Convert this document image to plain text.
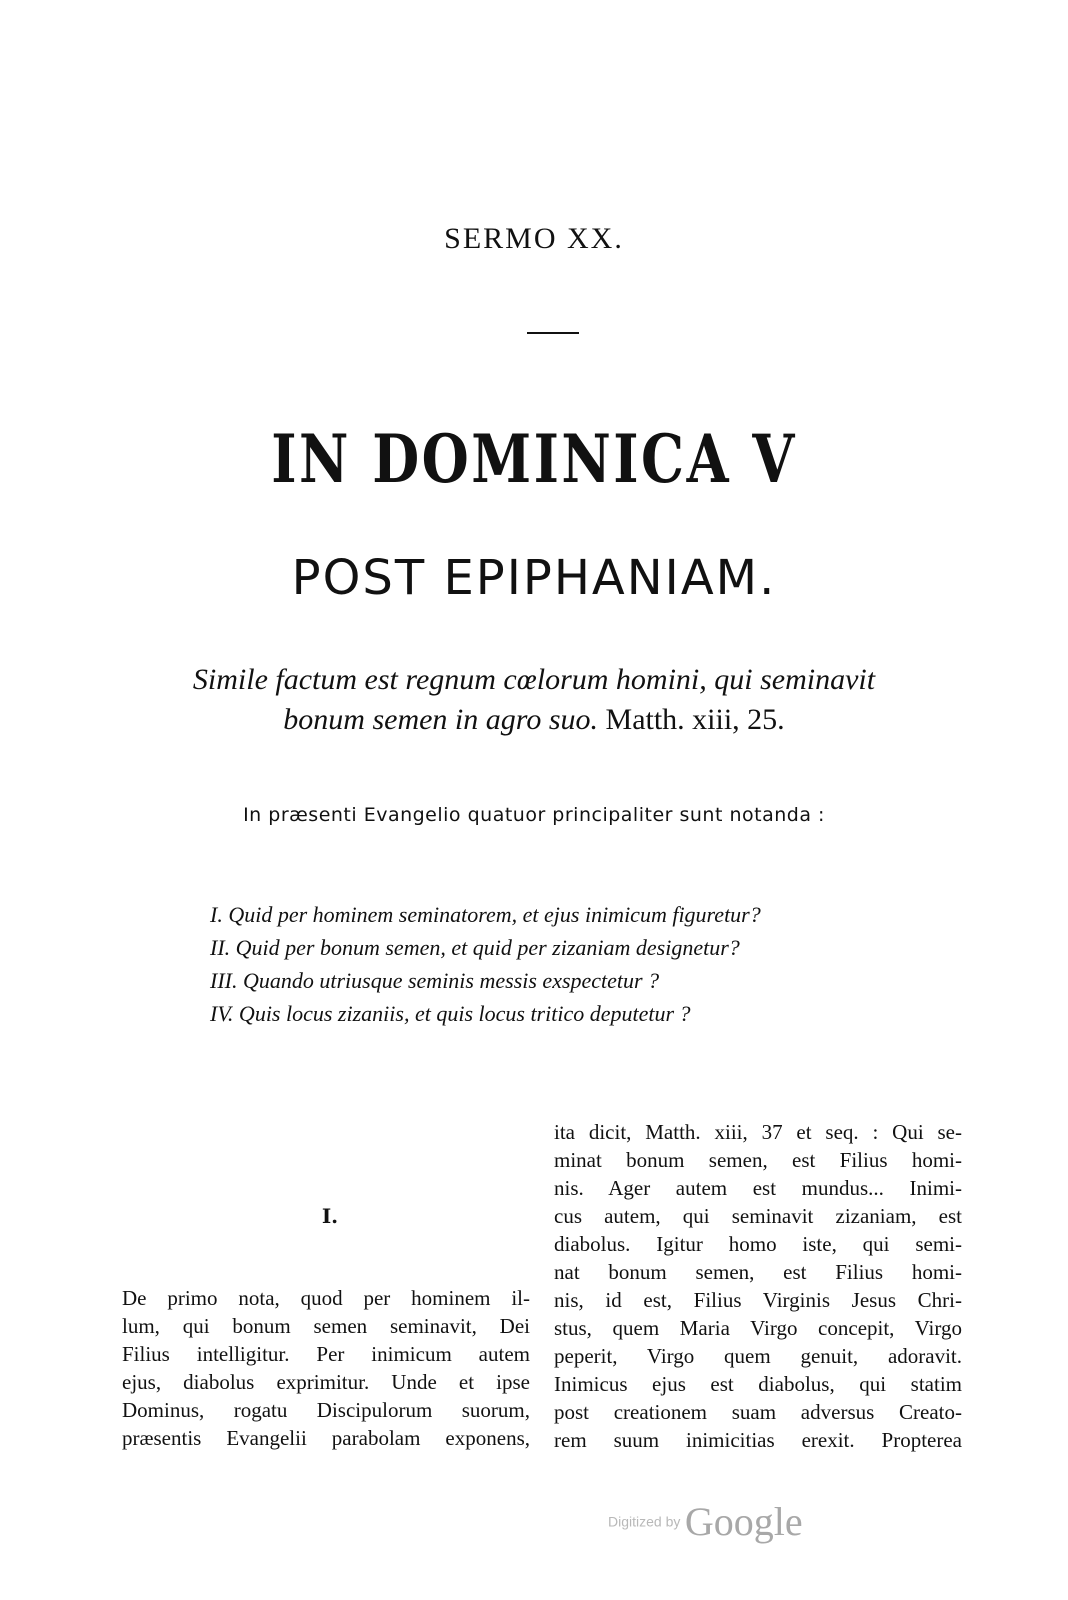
SERMO XX.
IN DOMINICA V
POST EPIPHANIAM.
Simile factum est regnum cœlorum homini, qui seminavit
bonum semen in agro suo. Matth. xiii, 25.
In præsenti Evangelio quatuor principaliter sunt notanda :
I. Quid per hominem seminatorem, et ejus inimicum figuretur?
II. Quid per bonum semen, et quid per zizaniam designetur?
III. Quando utriusque seminis messis exspectetur ?
IV. Quis locus zizaniis, et quis locus tritico deputetur ?
I.
De primo nota, quod per hominem il-
lum, qui bonum semen seminavit, Dei
Filius intelligitur. Per inimicum autem
ejus, diabolus exprimitur. Unde et ipse
Dominus, rogatu Discipulorum suorum,
præsentis Evangelii parabolam exponens,
ita dicit, Matth. xiii, 37 et seq. : Qui se-
minat bonum semen, est Filius homi-
nis. Ager autem est mundus... Inimi-
cus autem, qui seminavit zizaniam, est
diabolus. Igitur homo iste, qui semi-
nat bonum semen, est Filius homi-
nis, id est, Filius Virginis Jesus Chri-
stus, quem Maria Virgo concepit, Virgo
peperit, Virgo quem genuit, adoravit.
Inimicus ejus est diabolus, qui statim
post creationem suam adversus Creato-
rem suum inimicitias erexit. Propterea
Digitized by Google
